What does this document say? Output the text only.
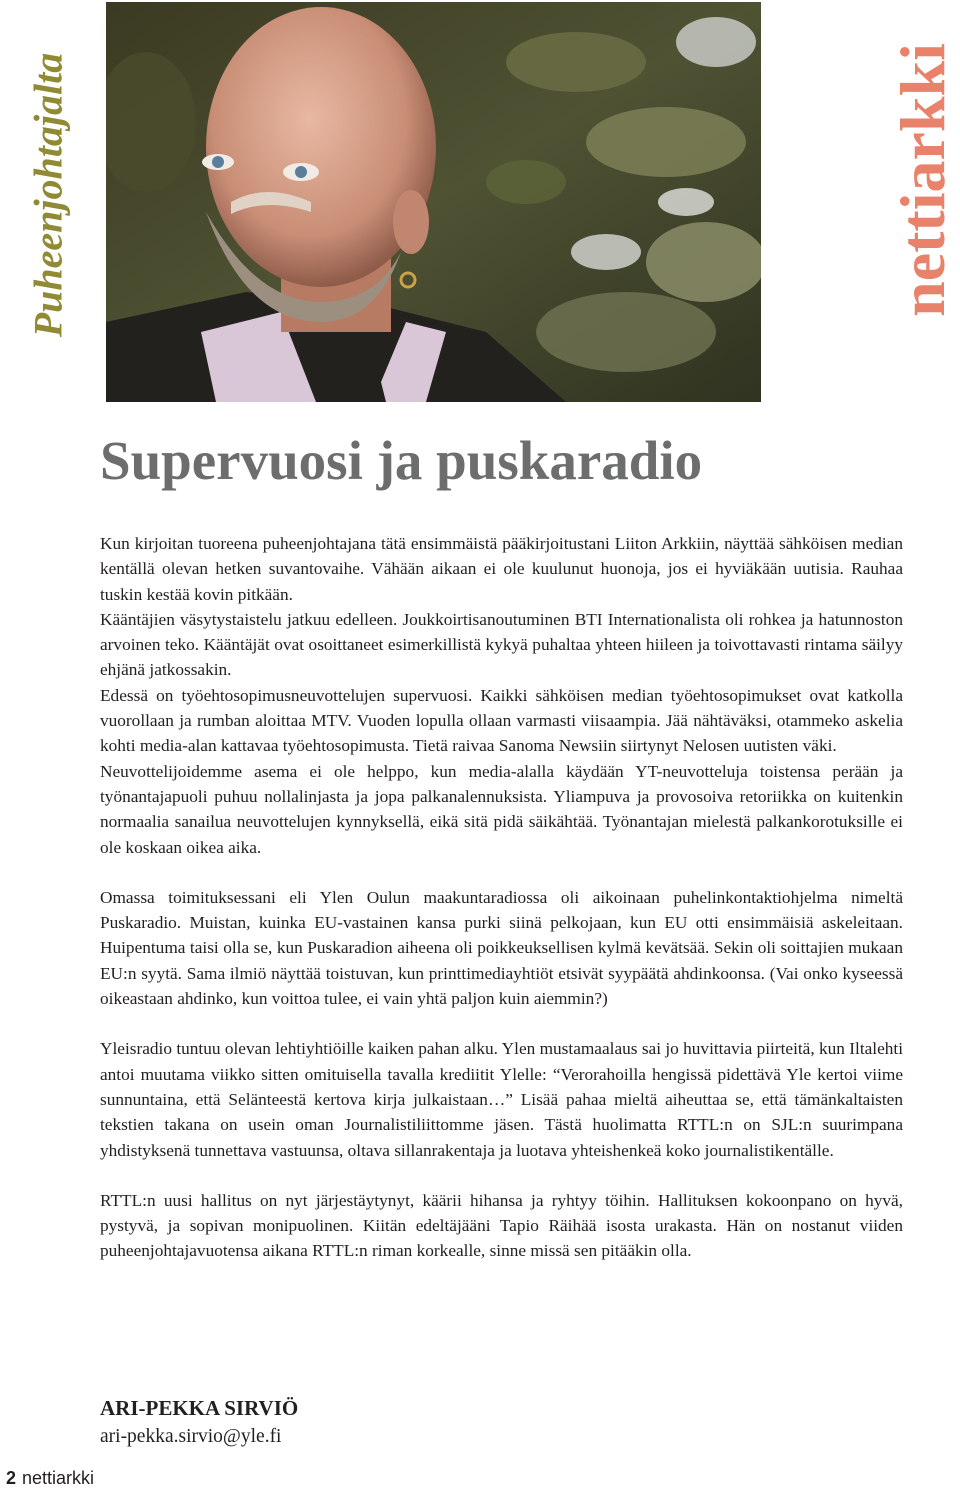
Puheenjohtajalta	nettiarkki
Supervuosi ja puskaradio

Kun kirjoitan tuoreena puheenjohtajana tätä ensimmäistä pääkirjoitustani Liiton Arkkiin, näyttää sähköisen median kentällä olevan hetken suvantovaihe. Vähään aikaan ei ole kuulunut huonoja, jos ei hyviäkään uutisia. Rauhaa tuskin kestää kovin pitkään.

Kääntäjien väsytystaistelu jatkuu edelleen. Joukkoirtisanoutuminen BTI Internationalista oli rohkea ja hatunnoston arvoinen teko. Kääntäjät ovat osoittaneet esimerkillistä kykyä puhaltaa yhteen hiileen ja toivottavasti rintama säilyy ehjänä jatkossakin.

Edessä on työehtosopimusneuvottelujen supervuosi. Kaikki sähköisen median työehtosopimukset ovat katkolla vuorollaan ja rumban aloittaa MTV. Vuoden lopulla ollaan varmasti viisaampia. Jää nähtäväksi, otammeko askelia kohti media-alan kattavaa työehtosopimusta. Tietä raivaa Sanoma Newsiin siirtynyt Nelosen uutisten väki.

Neuvottelijoidemme asema ei ole helppo, kun media-alalla käydään YT-neuvotteluja toistensa perään ja työnantajapuoli puhuu nollalinjasta ja jopa palkanalennuksista. Yliampuva ja provosoiva retoriikka on kuitenkin normaalia sanailua neuvottelujen kynnyksellä, eikä sitä pidä säikähtää. Työnantajan mielestä palkankorotuksille ei ole koskaan oikea aika.

Omassa toimituksessani eli Ylen Oulun maakuntaradiossa oli aikoinaan puhelinkontaktiohjelma nimeltä Puskaradio. Muistan, kuinka EU-vastainen kansa purki siinä pelkojaan, kun EU otti ensimmäisiä askeleitaan. Huipentuma taisi olla se, kun Puskaradion aiheena oli poikkeuksellisen kylmä kevätsää. Sekin oli soittajien mukaan EU:n syytä. Sama ilmiö näyttää toistuvan, kun printtimediayhtiöt etsivät syypäätä ahdinkoonsa. (Vai onko kyseessä oikeastaan ahdinko, kun voittoa tulee, ei vain yhtä paljon kuin aiemmin?)

Yleisradio tuntuu olevan lehtiyhtiöille kaiken pahan alku. Ylen mustamaalaus sai jo huvittavia piirteitä, kun Iltalehti antoi muutama viikko sitten omituisella tavalla krediitit Ylelle: “Verorahoilla hengissä pidettävä Yle kertoi viime sunnuntaina, että Selänteestä kertova kirja julkaistaan…” Lisää pahaa mieltä aiheuttaa se, että tämänkaltaisten tekstien takana on usein oman Journalistiliittomme jäsen. Tästä huolimatta RTTL:n on SJL:n suurimpana yhdistyksenä tunnettava vastuunsa, oltava sillanrakentaja ja luotava yhteishenkeä koko journalistikentälle.

RTTL:n uusi hallitus on nyt järjestäytynyt, käärii hihansa ja ryhtyy töihin. Hallituksen kokoonpano on hyvä, pystyvä, ja sopivan monipuolinen. Kiitän edeltäjääni Tapio Räihää isosta urakasta. Hän on nostanut viiden puheenjohtajavuotensa aikana RTTL:n riman korkealle, sinne missä sen pitääkin olla.

ARI-PEKKA SIRVIÖ
ari-pekka.sirvio@yle.fi
2 nettiarkki
